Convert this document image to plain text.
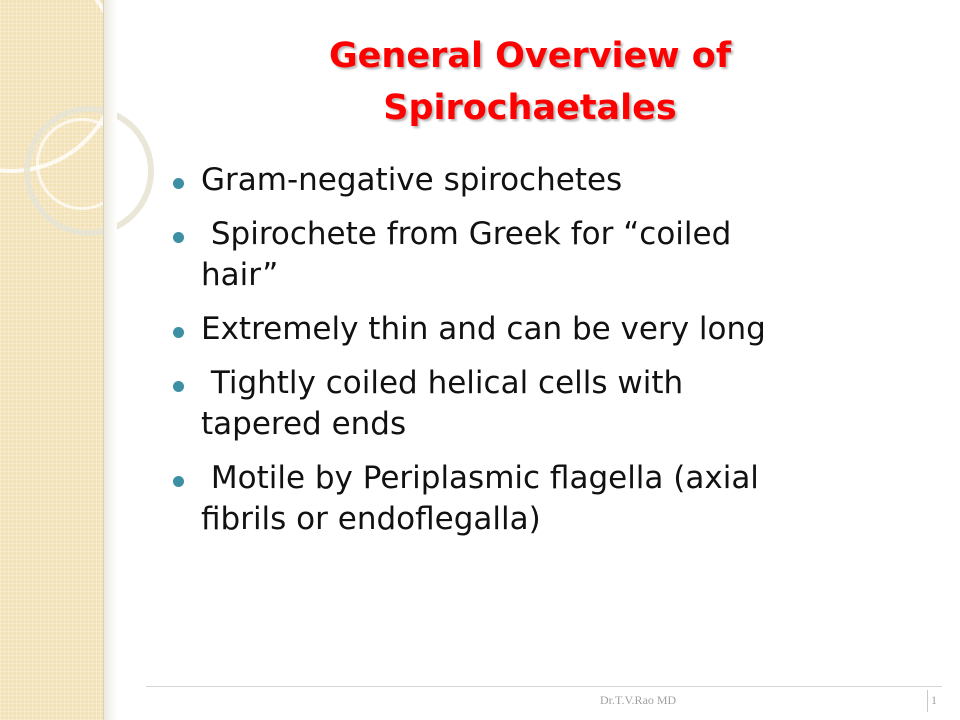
General Overview of
Spirochaetales
Gram-negative spirochetes
Spirochete from Greek for “coiled
hair”
Extremely thin and can be very long
Tightly coiled helical cells with
tapered ends
Motile by Periplasmic flagella (axial
fibrils or endoflegalla)
Dr.T.V.Rao MD	1
